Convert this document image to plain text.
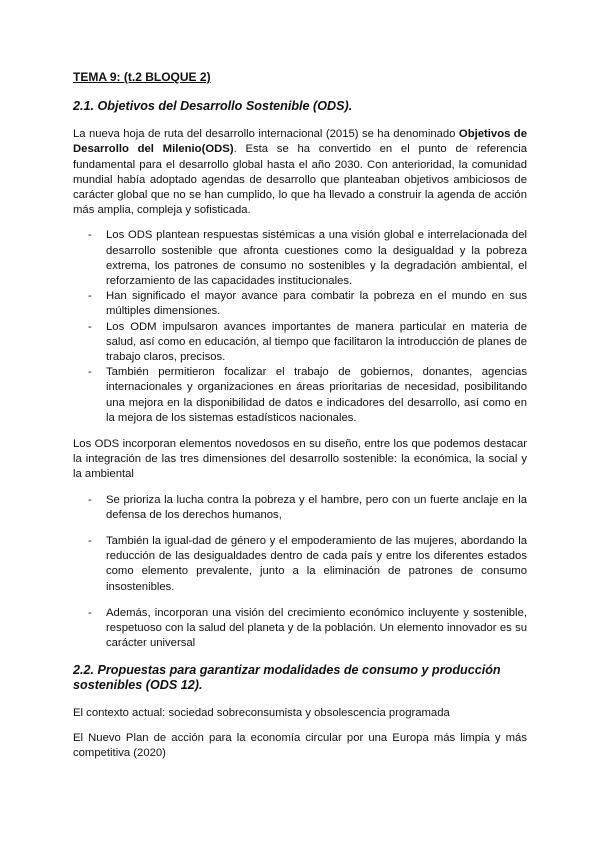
TEMA 9: (t.2 BLOQUE 2)
2.1. Objetivos del Desarrollo Sostenible (ODS).

La nueva hoja de ruta del desarrollo internacional (2015) se ha denominado Objetivos de Desarrollo del Milenio(ODS). Esta se ha convertido en el punto de referencia fundamental para el desarrollo global hasta el año 2030. Con anterioridad, la comunidad mundial había adoptado agendas de desarrollo que planteaban objetivos ambiciosos de carácter global que no se han cumplido, lo que ha llevado a construir la agenda de acción más amplia, compleja y sofisticada.

- Los ODS plantean respuestas sistémicas a una visión global e interrelacionada del desarrollo sostenible que afronta cuestiones como la desigualdad y la pobreza extrema, los patrones de consumo no sostenibles y la degradación ambiental, el reforzamiento de las capacidades institucionales.
- Han significado el mayor avance para combatir la pobreza en el mundo en sus múltiples dimensiones.
- Los ODM impulsaron avances importantes de manera particular en materia de salud, así como en educación, al tiempo que facilitaron la introducción de planes de trabajo claros, precisos.
- También permitieron focalizar el trabajo de gobiernos, donantes, agencias internacionales y organizaciones en áreas prioritarias de necesidad, posibilitando una mejora en la disponibilidad de datos e indicadores del desarrollo, así como en la mejora de los sistemas estadísticos nacionales.

Los ODS incorporan elementos novedosos en su diseño, entre los que podemos destacar la integración de las tres dimensiones del desarrollo sostenible: la económica, la social y la ambiental

- Se prioriza la lucha contra la pobreza y el hambre, pero con un fuerte anclaje en la defensa de los derechos humanos,
- También la igual-dad de género y el empoderamiento de las mujeres, abordando la reducción de las desigualdades dentro de cada país y entre los diferentes estados como elemento prevalente, junto a la eliminación de patrones de consumo insostenibles.
- Además, incorporan una visión del crecimiento económico incluyente y sostenible, respetuoso con la salud del planeta y de la población. Un elemento innovador es su carácter universal
2.2. Propuestas para garantizar modalidades de consumo y producción sostenibles (ODS 12).

El contexto actual: sociedad sobreconsumista y obsolescencia programada

El Nuevo Plan de acción para la economía circular por una Europa más limpia y más competitiva (2020)
